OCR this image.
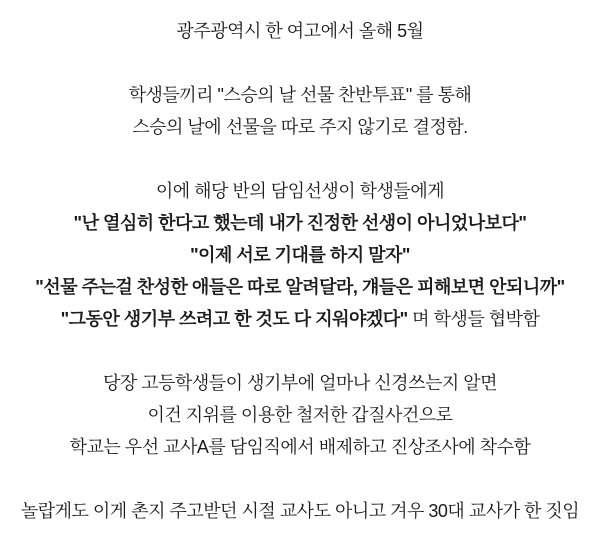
광주광역시 한 여고에서 올해 5월
학생들끼리 "스승의 날 선물 찬반투표" 를 통해
스승의 날에 선물을 따로 주지 않기로 결정함.
이에 해당 반의 담임선생이 학생들에게
"난 열심히 한다고 했는데 내가 진정한 선생이 아니었나보다"
"이제 서로 기대를 하지 말자"
"선물 주는걸 찬성한 애들은 따로 알려달라, 걔들은 피해보면 안되니까"
"그동안 생기부 쓰려고 한 것도 다 지워야겠다" 며 학생들 협박함
당장 고등학생들이 생기부에 얼마나 신경쓰는지 알면
이건 지위를 이용한 철저한 갑질사건으로
학교는 우선 교사A를 담임직에서 배제하고 진상조사에 착수함
놀랍게도 이게 촌지 주고받던 시절 교사도 아니고 겨우 30대 교사가 한 짓임
